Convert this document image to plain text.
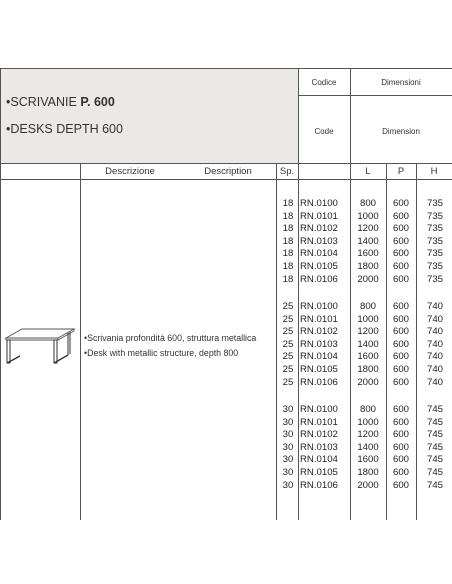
•SCRIVANIE P. 600
•DESKS DEPTH 600
Codice	Dimensioni
Code	Dimension
Descrizione	Description	Sp.	L	P	H
•Scrivania profondità 600, struttura metallica
•Desk with metallic structure, depth 800
18 RN.0100	800	600	735
18 RN.0101	1000	600	735
18 RN.0102	1200	600	735
18 RN.0103	1400	600	735
18 RN.0104	1600	600	735
18 RN.0105	1800	600	735
18 RN.0106	2000	600	735
25 RN.0100	800	600	740
25 RN.0101	1000	600	740
25 RN.0102	1200	600	740
25 RN.0103	1400	600	740
25 RN.0104	1600	600	740
25 RN.0105	1800	600	740
25 RN.0106	2000	600	740
30 RN.0100	800	600	745
30 RN.0101	1000	600	745
30 RN.0102	1200	600	745
30 RN.0103	1400	600	745
30 RN.0104	1600	600	745
30 RN.0105	1800	600	745
30 RN.0106	2000	600	745
